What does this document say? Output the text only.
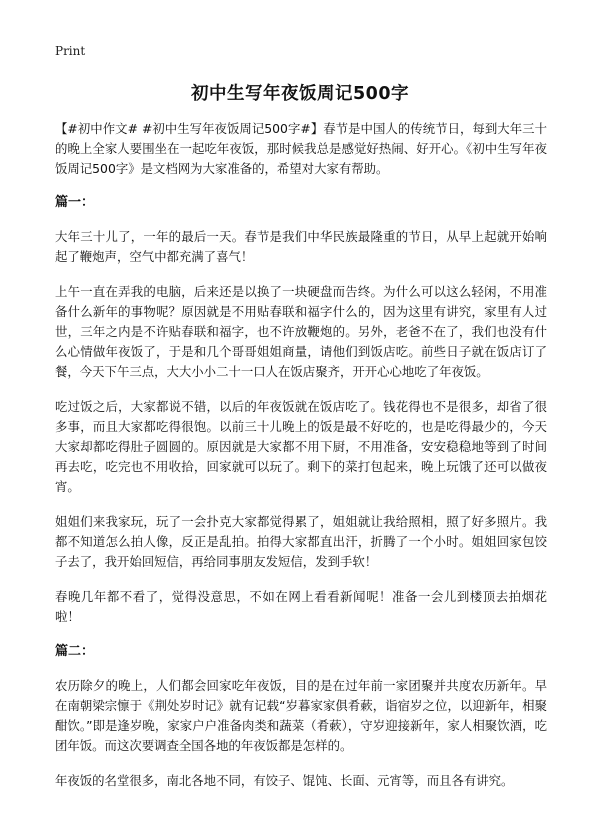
Print
初中生写年夜饭周记500字

【#初中作文# #初中生写年夜饭周记500字#】春节是中国人的传统节日，每到大年三十的晚上全家人要围坐在一起吃年夜饭，那时候我总是感觉好热闹、好开心。《初中生写年夜饭周记500字》是文档网为大家准备的，希望对大家有帮助。

篇一：

大年三十儿了，一年的最后一天。春节是我们中华民族最隆重的节日，从早上起就开始响起了鞭炮声，空气中都充满了喜气！

上午一直在弄我的电脑，后来还是以换了一块硬盘而告终。为什么可以这么轻闲，不用准备什么新年的事物呢？原因就是不用贴春联和福字什么的，因为这里有讲究，家里有人过世，三年之内是不许贴春联和福字，也不许放鞭炮的。另外，老爸不在了，我们也没有什么心情做年夜饭了，于是和几个哥哥姐姐商量，请他们到饭店吃。前些日子就在饭店订了餐，今天下午三点，大大小小二十一口人在饭店聚齐，开开心心地吃了年夜饭。

吃过饭之后，大家都说不错，以后的年夜饭就在饭店吃了。钱花得也不是很多，却省了很多事，而且大家都吃得很饱。以前三十儿晚上的饭是最不好吃的，也是吃得最少的，今天大家却都吃得肚子圆圆的。原因就是大家都不用下厨，不用准备，安安稳稳地等到了时间再去吃，吃完也不用收拾，回家就可以玩了。剩下的菜打包起来，晚上玩饿了还可以做夜宵。

姐姐们来我家玩，玩了一会扑克大家都觉得累了，姐姐就让我给照相，照了好多照片。我都不知道怎么拍人像，反正是乱拍。拍得大家都直出汗，折腾了一个小时。姐姐回家包饺子去了，我开始回短信，再给同事朋友发短信，发到手软！

春晚几年都不看了，觉得没意思，不如在网上看看新闻呢！准备一会儿到楼顶去拍烟花啦！

篇二：

农历除夕的晚上，人们都会回家吃年夜饭，目的是在过年前一家团聚并共度农历新年。早在南朝梁宗懔于《荆处岁时记》就有记载“岁暮家家俱肴蔌，诣宿岁之位，以迎新年，相聚酣饮。”即是逢岁晚，家家户户准备肉类和蔬菜（肴蔌），守岁迎接新年，家人相聚饮酒，吃团年饭。而这次要调查全国各地的年夜饭都是怎样的。

年夜饭的名堂很多，南北各地不同，有饺子、馄饨、长面、元宵等，而且各有讲究。
